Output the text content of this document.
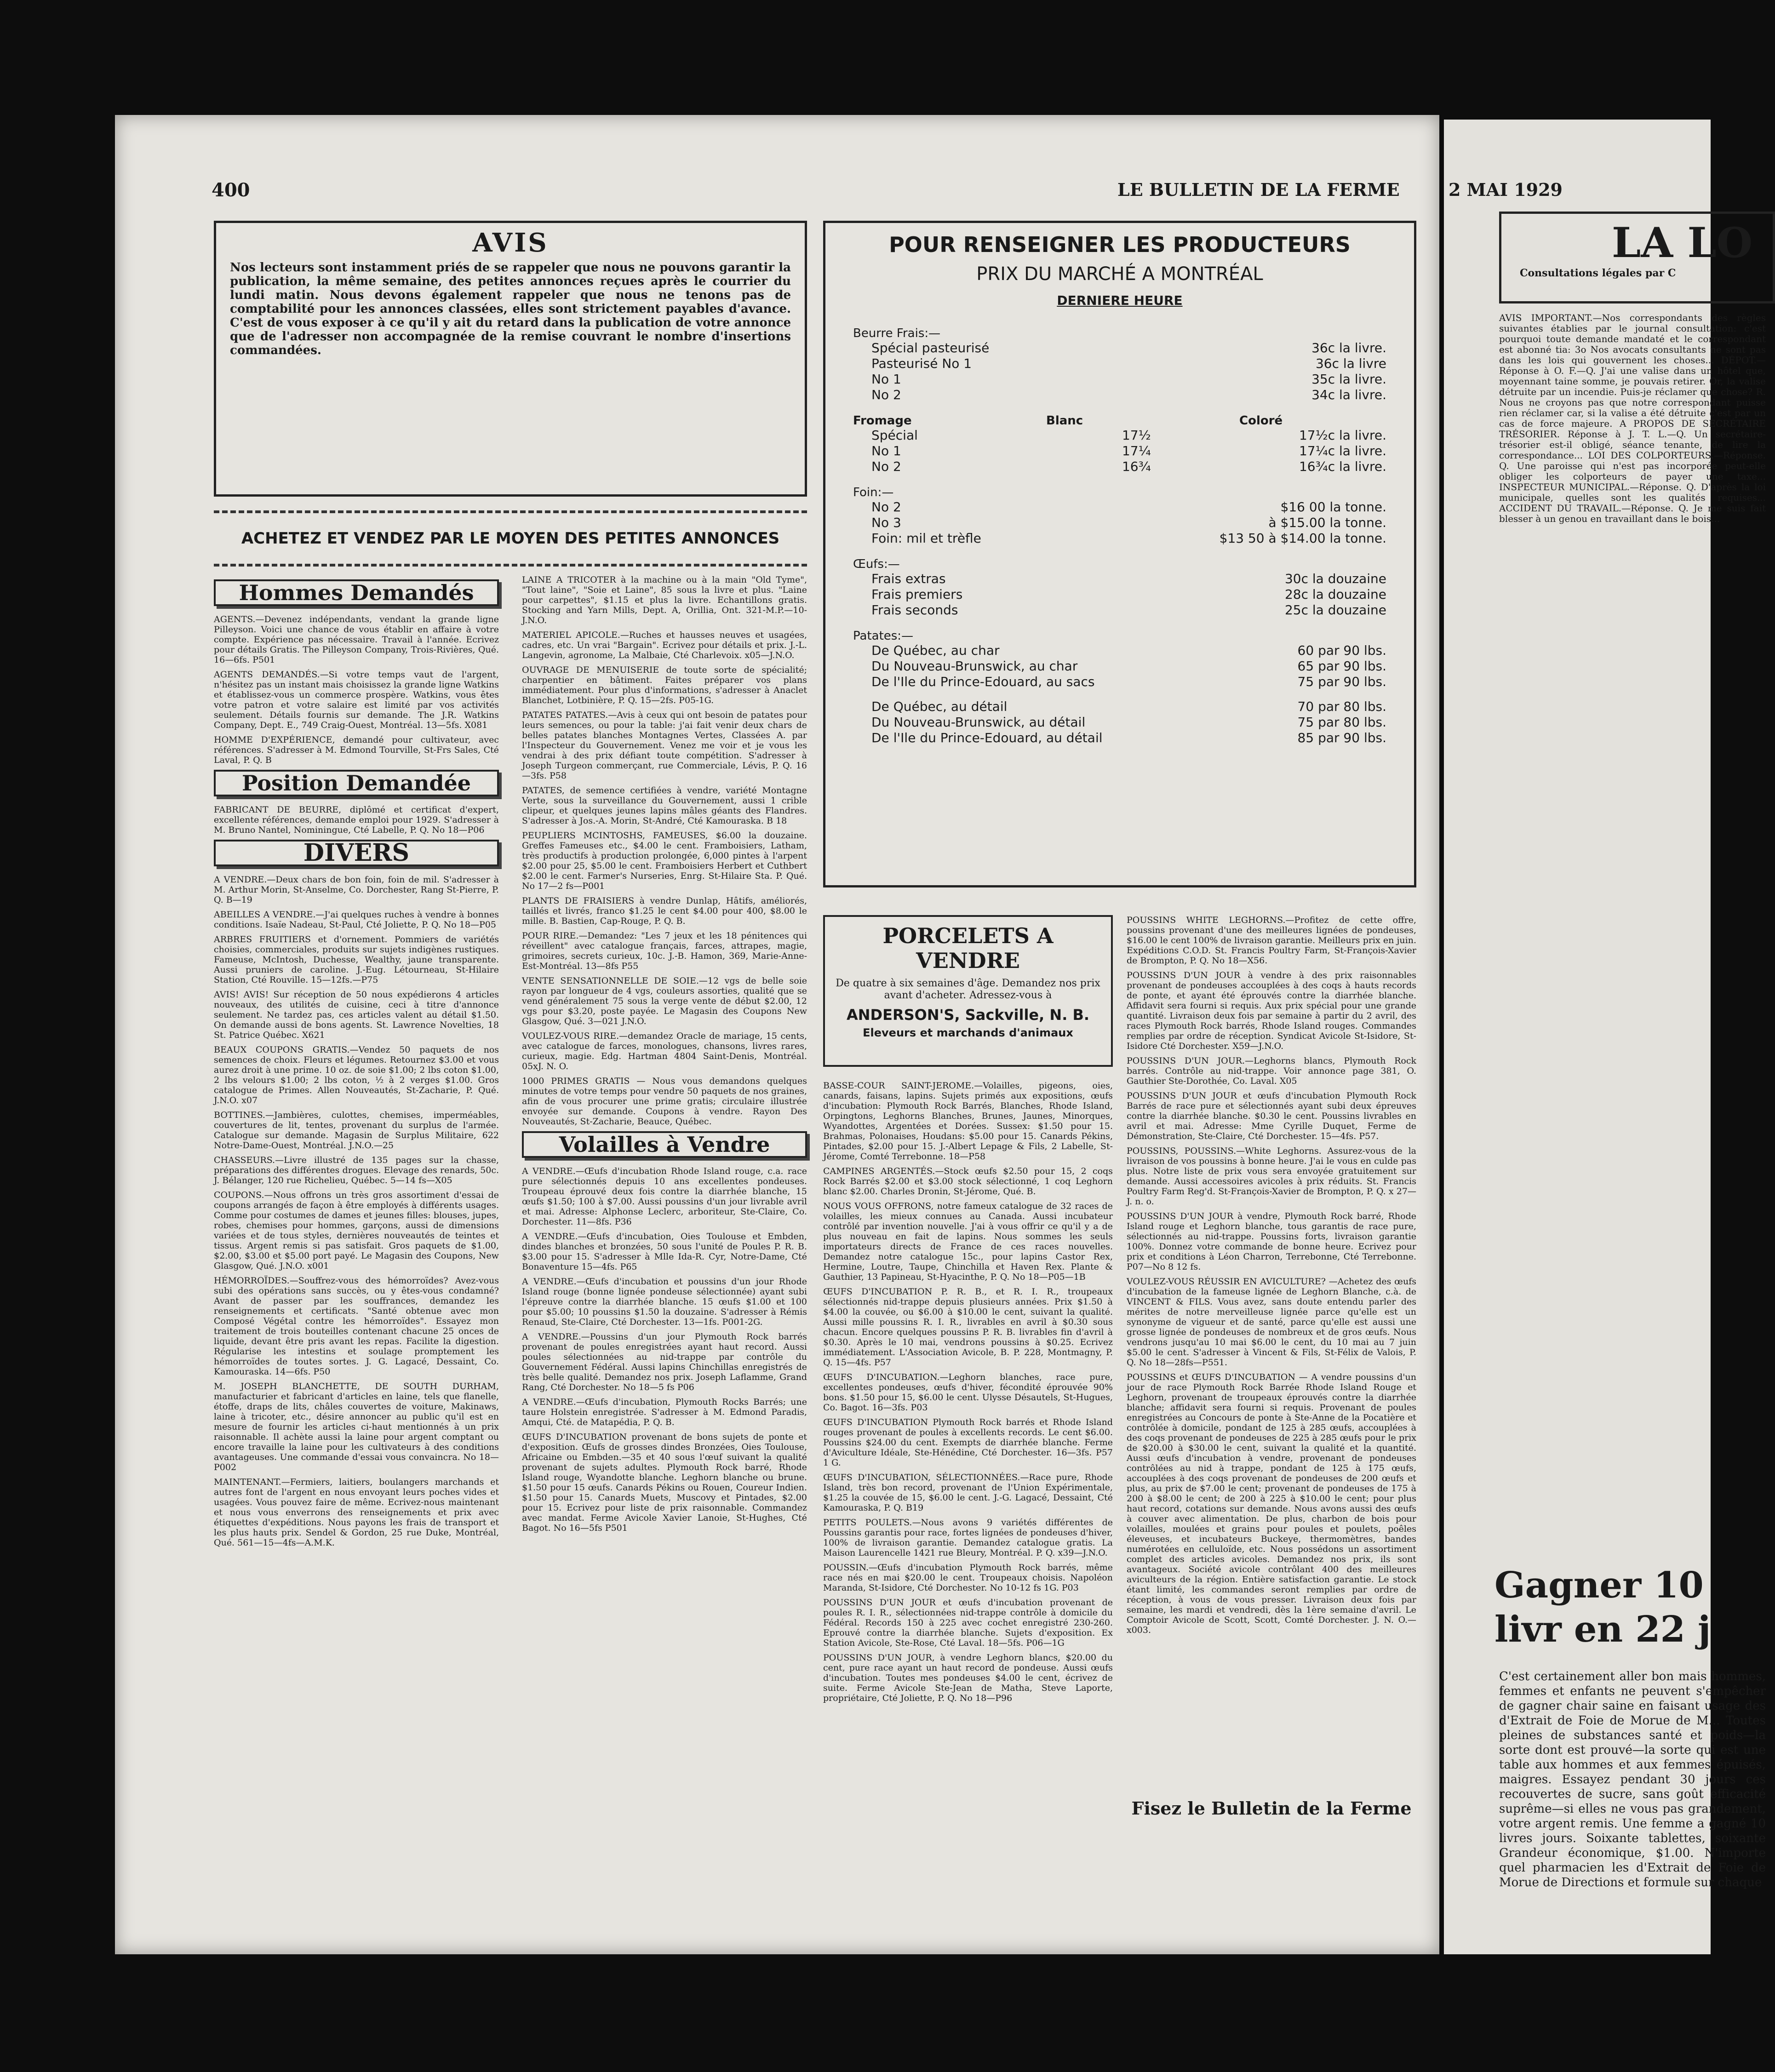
400	LE BULLETIN DE LA FERME
AVIS
Nos lecteurs sont instamment priés de se rappeler que nous ne pouvons garantir la publication, la même semaine, des petites annonces reçues après le courrier du lundi matin. Nous devons également rappeler que nous ne tenons pas de comptabilité pour les annonces classées, elles sont strictement payables d'avance. C'est de vous exposer à ce qu'il y ait du retard dans la publication de votre annonce que de l'adresser non accompagnée de la remise couvrant le nombre d'insertions commandées.
ACHETEZ ET VENDEZ PAR LE MOYEN DES PETITES ANNONCES
Hommes Demandés

AGENTS.—Devenez indépendants, vendant la grande ligne Pilleyson. Voici une chance de vous établir en affaire à votre compte. Expérience pas nécessaire. Travail à l'année. Ecrivez pour détails Gratis. The Pilleyson Company, Trois-Rivières, Qué. 16—6fs. P501

AGENTS DEMANDÉS.—Si votre temps vaut de l'argent, n'hésitez pas un instant mais choisissez la grande ligne Watkins et établissez-vous un commerce prospère. Watkins, vous êtes votre patron et votre salaire est limité par vos activités seulement. Détails fournis sur demande. The J.R. Watkins Company, Dept. E., 749 Craig-Ouest, Montréal. 13—5fs. X081

HOMME D'EXPÉRIENCE, demandé pour cultivateur, avec références. S'adresser à M. Edmond Tourville, St-Frs Sales, Cté Laval, P. Q. B

Position Demandée

FABRICANT DE BEURRE, diplômé et certificat d'expert, excellente références, demande emploi pour 1929. S'adresser à M. Bruno Nantel, Nominingue, Cté Labelle, P. Q. No 18—P06

DIVERS

A VENDRE.—Deux chars de bon foin, foin de mil. S'adresser à M. Arthur Morin, St-Anselme, Co. Dorchester, Rang St-Pierre, P. Q. B—19

ABEILLES A VENDRE.—J'ai quelques ruches à vendre à bonnes conditions. Isaïe Nadeau, St-Paul, Cté Joliette, P. Q. No 18—P05

ARBRES FRUITIERS et d'ornement. Pommiers de variétés choisies, commerciales, produits sur sujets indigènes rustiques. Fameuse, McIntosh, Duchesse, Wealthy, jaune transparente. Aussi pruniers de caroline. J.-Eug. Létourneau, St-Hilaire Station, Cté Rouville. 15—12fs.—P75

AVIS! AVIS! Sur réception de 50 nous expédierons 4 articles nouveaux, des utilités de cuisine, ceci à titre d'annonce seulement. Ne tardez pas, ces articles valent au détail $1.50. On demande aussi de bons agents. St. Lawrence Novelties, 18 St. Patrice Québec. X621

BEAUX COUPONS GRATIS.—Vendez 50 paquets de nos semences de choix. Fleurs et légumes. Retournez $3.00 et vous aurez droit à une prime. 10 oz. de soie $1.00; 2 lbs coton $1.00, 2 lbs velours $1.00; 2 lbs coton, ½ à 2 verges $1.00. Gros catalogue de Primes. Allen Nouveautés, St-Zacharie, P. Qué. J.N.O. x07

BOTTINES.—Jambières, culottes, chemises, imperméables, couvertures de lit, tentes, provenant du surplus de l'armée. Catalogue sur demande. Magasin de Surplus Militaire, 622 Notre-Dame-Ouest, Montréal. J.N.O.—25

CHASSEURS.—Livre illustré de 135 pages sur la chasse, préparations des différentes drogues. Elevage des renards, 50c. J. Bélanger, 120 rue Richelieu, Québec. 5—14 fs—X05

COUPONS.—Nous offrons un très gros assortiment d'essai de coupons arrangés de façon à être employés à différents usages. Comme pour costumes de dames et jeunes filles: blouses, jupes, robes, chemises pour hommes, garçons, aussi de dimensions variées et de tous styles, dernières nouveautés de teintes et tissus. Argent remis si pas satisfait. Gros paquets de $1.00, $2.00, $3.00 et $5.00 port payé. Le Magasin des Coupons, New Glasgow, Qué. J.N.O. x001

HÉMORROÏDES.—Souffrez-vous des hémorroïdes? Avez-vous subi des opérations sans succès, ou y êtes-vous condamné? Avant de passer par les souffrances, demandez les renseignements et certificats. "Santé obtenue avec mon Composé Végétal contre les hémorroïdes". Essayez mon traitement de trois bouteilles contenant chacune 25 onces de liquide, devant être pris avant les repas. Facilite la digestion. Régularise les intestins et soulage promptement les hémorroïdes de toutes sortes. J. G. Lagacé, Dessaint, Co. Kamouraska. 14—6fs. P50

M. JOSEPH BLANCHETTE, DE SOUTH DURHAM, manufacturier et fabricant d'articles en laine, tels que flanelle, étoffe, draps de lits, châles couvertes de voiture, Makinaws, laine à tricoter, etc., désire annoncer au public qu'il est en mesure de fournir les articles ci-haut mentionnés à un prix raisonnable. Il achète aussi la laine pour argent comptant ou encore travaille la laine pour les cultivateurs à des conditions avantageuses. Une commande d'essai vous convaincra. No 18—P002

MAINTENANT.—Fermiers, laitiers, boulangers marchands et autres font de l'argent en nous envoyant leurs poches vides et usagées. Vous pouvez faire de même. Ecrivez-nous maintenant et nous vous enverrons des renseignements et prix avec étiquettes d'expéditions. Nous payons les frais de transport et les plus hauts prix. Sendel & Gordon, 25 rue Duke, Montréal, Qué. 561—15—4fs—A.M.K.

LAINE A TRICOTER à la machine ou à la main "Old Tyme", "Tout laine", "Soie et Laine", 85 sous la livre et plus. "Laine pour carpettes", $1.15 et plus la livre. Echantillons gratis. Stocking and Yarn Mills, Dept. A, Orillia, Ont. 321-M.P.—10-J.N.O.

MATERIEL APICOLE.—Ruches et hausses neuves et usagées, cadres, etc. Un vrai "Bargain". Ecrivez pour détails et prix. J.-L. Langevin, agronome, La Malbaie, Cté Charlevoix. x05—J.N.O.

OUVRAGE DE MENUISERIE de toute sorte de spécialité; charpentier en bâtiment. Faites préparer vos plans immédiatement. Pour plus d'informations, s'adresser à Anaclet Blanchet, Lotbinière, P. Q. 15—2fs. P05-1G.

PATATES PATATES.—Avis à ceux qui ont besoin de patates pour leurs semences, ou pour la table: j'ai fait venir deux chars de belles patates blanches Montagnes Vertes, Classées A. par l'Inspecteur du Gouvernement. Venez me voir et je vous les vendrai à des prix défiant toute compétition. S'adresser à Joseph Turgeon commerçant, rue Commerciale, Lévis, P. Q. 16—3fs. P58

PATATES, de semence certifiées à vendre, variété Montagne Verte, sous la surveillance du Gouvernement, aussi 1 crible clipeur, et quelques jeunes lapins mâles géants des Flandres. S'adresser à Jos.-A. Morin, St-André, Cté Kamouraska. B 18

PEUPLIERS MCINTOSHS, FAMEUSES, $6.00 la douzaine. Greffes Fameuses etc., $4.00 le cent. Framboisiers, Latham, très productifs à production prolongée, 6,000 pintes à l'arpent $2.00 pour 25, $5.00 le cent. Framboisiers Herbert et Cuthbert $2.00 le cent. Farmer's Nurseries, Enrg. St-Hilaire Sta. P. Qué. No 17—2 fs—P001

PLANTS DE FRAISIERS à vendre Dunlap, Hâtifs, améliorés, taillés et livrés, franco $1.25 le cent $4.00 pour 400, $8.00 le mille. B. Bastien, Cap-Rouge, P. Q. B.

POUR RIRE.—Demandez: "Les 7 jeux et les 18 pénitences qui réveillent" avec catalogue français, farces, attrapes, magie, grimoires, secrets curieux, 10c. J.-B. Hamon, 369, Marie-Anne-Est-Montréal. 13—8fs P55

VENTE SENSATIONNELLE DE SOIE.—12 vgs de belle soie rayon par longueur de 4 vgs, couleurs assorties, qualité que se vend généralement 75 sous la verge vente de début $2.00, 12 vgs pour $3.20, poste payée. Le Magasin des Coupons New Glasgow, Qué. 3—021 J.N.O.

VOULEZ-VOUS RIRE.—demandez Oracle de mariage, 15 cents, avec catalogue de farces, monologues, chansons, livres rares, curieux, magie. Edg. Hartman 4804 Saint-Denis, Montréal. 05xJ. N. O.

1000 PRIMES GRATIS — Nous vous demandons quelques minutes de votre temps pour vendre 50 paquets de nos graines, afin de vous procurer une prime gratis; circulaire illustrée envoyée sur demande. Coupons à vendre. Rayon Des Nouveautés, St-Zacharie, Beauce, Québec.

Volailles à Vendre

A VENDRE.—Œufs d'incubation Rhode Island rouge, c.a. race pure sélectionnés depuis 10 ans excellentes pondeuses. Troupeau éprouvé deux fois contre la diarrhée blanche, 15 œufs $1.50; 100 à $7.00. Aussi poussins d'un jour livrable avril et mai. Adresse: Alphonse Leclerc, arboriteur, Ste-Claire, Co. Dorchester. 11—8fs. P36

A VENDRE.—Œufs d'incubation, Oies Toulouse et Embden, dindes blanches et bronzées, 50 sous l'unité de Poules P. R. B. $3.00 pour 15. S'adresser à Mlle Ida-R. Cyr, Notre-Dame, Cté Bonaventure 15—4fs. P65

A VENDRE.—Œufs d'incubation et poussins d'un jour Rhode Island rouge (bonne lignée pondeuse sélectionnée) ayant subi l'épreuve contre la diarrhée blanche. 15 œufs $1.00 et 100 pour $5.00; 10 poussins $1.50 la douzaine. S'adresser à Rémis Renaud, Ste-Claire, Cté Dorchester. 13—1fs. P001-2G.

A VENDRE.—Poussins d'un jour Plymouth Rock barrés provenant de poules enregistrées ayant haut record. Aussi poules sélectionnées au nid-trappe par contrôle du Gouvernement Fédéral. Aussi lapins Chinchillas enregistrés de très belle qualité. Demandez nos prix. Joseph Laflamme, Grand Rang, Cté Dorchester. No 18—5 fs P06

A VENDRE.—Œufs d'incubation, Plymouth Rocks Barrés; une taure Holstein enregistrée. S'adresser à M. Edmond Paradis, Amqui, Cté. de Matapédia, P. Q. B.

ŒUFS D'INCUBATION provenant de bons sujets de ponte et d'exposition. Œufs de grosses dindes Bronzées, Oies Toulouse, Africaine ou Embden.—35 et 40 sous l'œuf suivant la qualité provenant de sujets adultes. Plymouth Rock barré, Rhode Island rouge, Wyandotte blanche. Leghorn blanche ou brune. $1.50 pour 15 œufs. Canards Pékins ou Rouen, Coureur Indien. $1.50 pour 15. Canards Muets, Muscovy et Pintades, $2.00 pour 15. Ecrivez pour liste de prix raisonnable. Commandez avec mandat. Ferme Avicole Xavier Lanoie, St-Hughes, Cté Bagot. No 16—5fs P501

POUR RENSEIGNER LES PRODUCTEURS
PRIX DU MARCHÉ A MONTRÉAL
DERNIERE HEURE
Beurre Frais:—
Spécial pasteurisé	36c la livre.
Pasteurisé No 1	36c la livre
No 1	35c la livre.
No 2	34c la livre.
Fromage	Blanc	Coloré
Spécial	17½	17½c la livre.
No 1	17¼	17¼c la livre.
No 2	16¾	16¾c la livre.
Foin:—
No 2	$16 00 la tonne.
No 3	à $15.00 la tonne.
Foin: mil et trèfle	$13 50 à $14.00 la tonne.
Œufs:—
Frais extras	30c la douzaine
Frais premiers	28c la douzaine
Frais seconds	25c la douzaine
Patates:—
De Québec, au char	60 par 90 lbs.
Du Nouveau-Brunswick, au char	65 par 90 lbs.
De l'Ile du Prince-Edouard, au sacs	75 par 90 lbs.
De Québec, au détail	70 par 80 lbs.
Du Nouveau-Brunswick, au détail	75 par 80 lbs.
De l'Ile du Prince-Edouard, au détail	85 par 90 lbs.
PORCELETS A VENDRE
De quatre à six semaines d'âge. Demandez nos prix avant d'acheter. Adressez-vous à
ANDERSON'S, Sackville, N. B.
Eleveurs et marchands d'animaux

BASSE-COUR SAINT-JEROME.—Volailles, pigeons, oies, canards, faisans, lapins. Sujets primés aux expositions, œufs d'incubation: Plymouth Rock Barrés, Blanches, Rhode Island, Orpingtons, Leghorns Blanches, Brunes, Jaunes, Minorques, Wyandottes, Argentées et Dorées. Sussex: $1.50 pour 15. Brahmas, Polonaises, Houdans: $5.00 pour 15. Canards Pékins, Pintades, $2.00 pour 15. J.-Albert Lepage & Fils, 2 Labelle, St-Jérome, Comté Terrebonne. 18—P58

CAMPINES ARGENTÉS.—Stock œufs $2.50 pour 15, 2 coqs Rock Barrés $2.00 et $3.00 stock sélectionné, 1 coq Leghorn blanc $2.00. Charles Dronin, St-Jérome, Qué. B.

NOUS VOUS OFFRONS, notre fameux catalogue de 32 races de volailles, les mieux connues au Canada. Aussi incubateur contrôlé par invention nouvelle. J'ai à vous offrir ce qu'il y a de plus nouveau en fait de lapins. Nous sommes les seuls importateurs directs de France de ces races nouvelles. Demandez notre catalogue 15c., pour lapins Castor Rex, Hermine, Loutre, Taupe, Chinchilla et Haven Rex. Plante & Gauthier, 13 Papineau, St-Hyacinthe, P. Q. No 18—P05—1B

ŒUFS D'INCUBATION P. R. B., et R. I. R., troupeaux sélectionnés nid-trappe depuis plusieurs années. Prix $1.50 à $4.00 la couvée, ou $6.00 à $10.00 le cent, suivant la qualité. Aussi mille poussins R. I. R., livrables en avril à $0.30 sous chacun. Encore quelques poussins P. R. B. livrables fin d'avril à $0.30. Après le 10 mai, vendrons poussins à $0.25. Ecrivez immédiatement. L'Association Avicole, B. P. 228, Montmagny, P. Q. 15—4fs. P57

ŒUFS D'INCUBATION.—Leghorn blanches, race pure, excellentes pondeuses, œufs d'hiver, fécondité éprouvée 90% bons. $1.50 pour 15, $6.00 le cent. Ulysse Désautels, St-Hugues, Co. Bagot. 16—3fs. P03

ŒUFS D'INCUBATION Plymouth Rock barrés et Rhode Island rouges provenant de poules à excellents records. Le cent $6.00. Poussins $24.00 du cent. Exempts de diarrhée blanche. Ferme d'Aviculture Idéale, Ste-Hénédine, Cté Dorchester. 16—3fs. P57 1 G.

ŒUFS D'INCUBATION, SÉLECTIONNÉES.—Race pure, Rhode Island, très bon record, provenant de l'Union Expérimentale, $1.25 la couvée de 15, $6.00 le cent. J.-G. Lagacé, Dessaint, Cté Kamouraska, P. Q. B19

PETITS POULETS.—Nous avons 9 variétés différentes de Poussins garantis pour race, fortes lignées de pondeuses d'hiver, 100% de livraison garantie. Demandez catalogue gratis. La Maison Laurencelle 1421 rue Bleury, Montréal. P. Q. x39—J.N.O.

POUSSIN.—Œufs d'incubation Plymouth Rock barrés, même race nés en mai $20.00 le cent. Troupeaux choisis. Napoléon Maranda, St-Isidore, Cté Dorchester. No 10-12 fs 1G. P03

POUSSINS D'UN JOUR et œufs d'incubation provenant de poules R. I. R., sélectionnées nid-trappe contrôle à domicile du Fédéral. Records 150 à 225 avec cochet enregistré 230-260. Eprouvé contre la diarrhée blanche. Sujets d'exposition. Ex Station Avicole, Ste-Rose, Cté Laval. 18—5fs. P06—1G

POUSSINS D'UN JOUR, à vendre Leghorn blancs, $20.00 du cent, pure race ayant un haut record de pondeuse. Aussi œufs d'incubation. Toutes mes pondeuses $4.00 le cent, écrivez de suite. Ferme Avicole Ste-Jean de Matha, Steve Laporte, propriétaire, Cté Joliette, P. Q. No 18—P96

POUSSINS WHITE LEGHORNS.—Profitez de cette offre, poussins provenant d'une des meilleures lignées de pondeuses, $16.00 le cent 100% de livraison garantie. Meilleurs prix en juin. Expéditions C.O.D. St. Francis Poultry Farm, St-François-Xavier de Brompton, P. Q. No 18—X56.

POUSSINS D'UN JOUR à vendre à des prix raisonnables provenant de pondeuses accouplées à des coqs à hauts records de ponte, et ayant été éprouvés contre la diarrhée blanche. Affidavit sera fourni si requis. Aux prix spécial pour une grande quantité. Livraison deux fois par semaine à partir du 2 avril, des races Plymouth Rock barrés, Rhode Island rouges. Commandes remplies par ordre de réception. Syndicat Avicole St-Isidore, St-Isidore Cté Dorchester. X59—J.N.O.

POUSSINS D'UN JOUR.—Leghorns blancs, Plymouth Rock barrés. Contrôle au nid-trappe. Voir annonce page 381, O. Gauthier Ste-Dorothée, Co. Laval. X05

POUSSINS D'UN JOUR et œufs d'incubation Plymouth Rock Barrés de race pure et sélectionnés ayant subi deux épreuves contre la diarrhée blanche. $0.30 le cent. Poussins livrables en avril et mai. Adresse: Mme Cyrille Duquet, Ferme de Démonstration, Ste-Claire, Cté Dorchester. 15—4fs. P57.

POUSSINS, POUSSINS.—White Leghorns. Assurez-vous de la livraison de vos poussins à bonne heure. J'ai le vous en culde pas plus. Notre liste de prix vous sera envoyée gratuitement sur demande. Aussi accessoires avicoles à prix réduits. St. Francis Poultry Farm Reg'd. St-François-Xavier de Brompton, P. Q. x 27—J. n. o.

POUSSINS D'UN JOUR à vendre, Plymouth Rock barré, Rhode Island rouge et Leghorn blanche, tous garantis de race pure, sélectionnés au nid-trappe. Poussins forts, livraison garantie 100%. Donnez votre commande de bonne heure. Ecrivez pour prix et conditions à Léon Charron, Terrebonne, Cté Terrebonne. P07—No 8 12 fs.

VOULEZ-VOUS RÉUSSIR EN AVICULTURE? —Achetez des œufs d'incubation de la fameuse lignée de Leghorn Blanche, c.à. de VINCENT & FILS. Vous avez, sans doute entendu parler des mérites de notre merveilleuse lignée parce qu'elle est un synonyme de vigueur et de santé, parce qu'elle est aussi une grosse lignée de pondeuses de nombreux et de gros œufs. Nous vendrons jusqu'au 10 mai $6.00 le cent, du 10 mai au 7 juin $5.00 le cent. S'adresser à Vincent & Fils, St-Félix de Valois, P. Q. No 18—28fs—P551.

POUSSINS et ŒUFS D'INCUBATION — A vendre poussins d'un jour de race Plymouth Rock Barrée Rhode Island Rouge et Leghorn, provenant de troupeaux éprouvés contre la diarrhée blanche; affidavit sera fourni si requis. Provenant de poules enregistrées au Concours de ponte à Ste-Anne de la Pocatière et contrôlée à domicile, pondant de 125 à 285 œufs, accouplées à des coqs provenant de pondeuses de 225 à 285 œufs pour le prix de $20.00 à $30.00 le cent, suivant la qualité et la quantité. Aussi œufs d'incubation à vendre, provenant de pondeuses contrôlées au nid à trappe, pondant de 125 à 175 œufs, accouplées à des coqs provenant de pondeuses de 200 œufs et plus, au prix de $7.00 le cent; provenant de pondeuses de 175 à 200 à $8.00 le cent; de 200 à 225 à $10.00 le cent; pour plus haut record, cotations sur demande. Nous avons aussi des œufs à couver avec alimentation. De plus, charbon de bois pour volailles, moulées et grains pour poules et poulets, poêles éleveuses, et incubateurs Buckeye, thermomètres, bandes numérotées en celluloïde, etc. Nous possédons un assortiment complet des articles avicoles. Demandez nos prix, ils sont avantageux. Société avicole contrôlant 400 des meilleures aviculteurs de la région. Entière satisfaction garantie. Le stock étant limité, les commandes seront remplies par ordre de réception, à vous de vous presser. Livraison deux fois par semaine, les mardi et vendredi, dès la 1ère semaine d'avril. Le Comptoir Avicole de Scott, Scott, Comté Dorchester. J. N. O.—x003.

Fisez le Bulletin de la Ferme
2 MAI 1929
LA LO
Consultations légales par C
AVIS IMPORTANT.—Nos correspondants des règles suivantes établies par le journal consultation: c'est pourquoi toute demande mandaté et le correspondant est abonné tia: 3o Nos avocats consultants ne sont pas dans les lois qui gouvernent les choses... DÉPOT.—Réponse à O. F.—Q. J'ai une valise dans un hôtel que, moyennant taine somme, je pouvais retirer. Or, la valise détruite par un incendie. Puis-je réclamer que chose? R. Nous ne croyons pas que notre correspondant puisse rien réclamer car, si la valise a été détruite c'est par un cas de force majeure. A PROPOS DE SECRÉTAIRE TRÉSORIER. Réponse à J. T. L.—Q. Un secrétaire-trésorier est-il obligé, séance tenante, de lire la correspondance... LOI DES COLPORTEURS.—Réponse. Q. Une paroisse qui n'est pas incorporée peut-elle obliger les colporteurs de payer une taxe... INSPECTEUR MUNICIPAL.—Réponse. Q. D'après la loi municipale, quelles sont les qualités requises... ACCIDENT DU TRAVAIL.—Réponse. Q. Je me suis fait blesser à un genou en travaillant dans le bois...
Gagner 10 livr en 22 j
C'est certainement aller bon mais hommes, femmes et enfants ne peuvent s'empêcher de gagner chair saine en faisant usage des d'Extrait de Foie de Morue de M... Toutes pleines de substances santé et poids—la sorte dont est prouvé—la sorte qui est une table aux hommes et aux femmes épuisés, maigres. Essayez pendant 30 jours ces recouvertes de sucre, sans goût efficacité suprême—si elles ne vous pas grandement, votre argent remis. Une femme a gagné 10 livres jours. Soixante tablettes, soixante Grandeur économique, $1.00. N'importe quel pharmacien les d'Extrait de Foie de Morue de Directions et formule sur chaque
